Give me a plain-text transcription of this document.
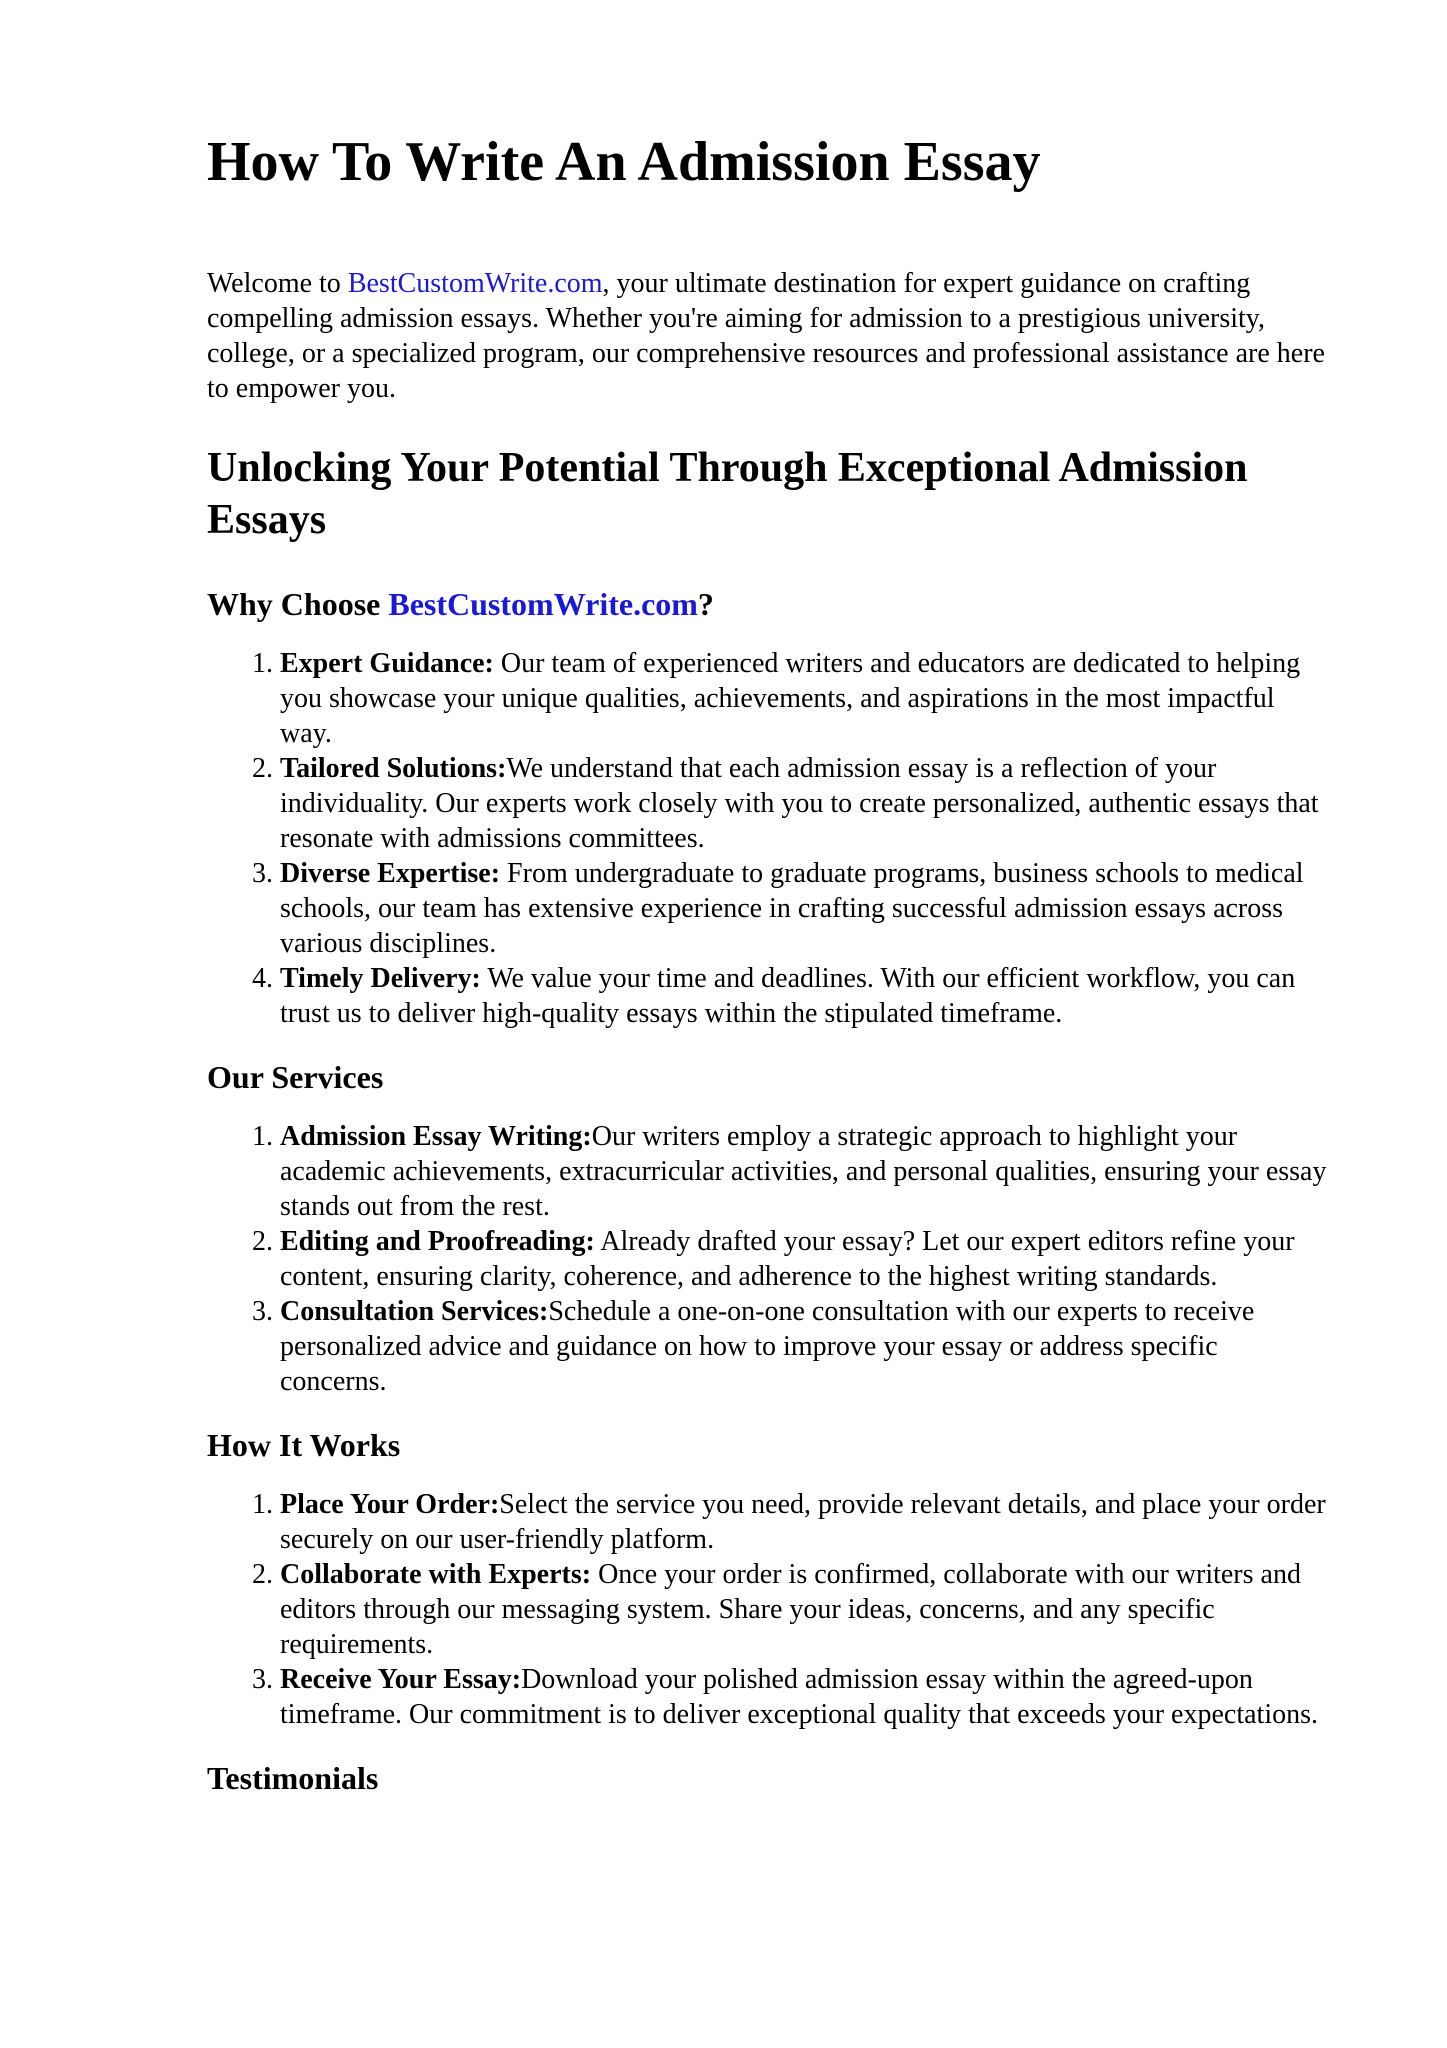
How To Write An Admission Essay

Welcome to BestCustomWrite.com, your ultimate destination for expert guidance on crafting compelling admission essays. Whether you're aiming for admission to a prestigious university, college, or a specialized program, our comprehensive resources and professional assistance are here to empower you.

Unlocking Your Potential Through Exceptional Admission Essays
Why Choose BestCustomWrite.com?
1. Expert Guidance: Our team of experienced writers and educators are dedicated to helping you showcase your unique qualities, achievements, and aspirations in the most impactful way.
2. Tailored Solutions:We understand that each admission essay is a reflection of your individuality. Our experts work closely with you to create personalized, authentic essays that resonate with admissions committees.
3. Diverse Expertise: From undergraduate to graduate programs, business schools to medical schools, our team has extensive experience in crafting successful admission essays across various disciplines.
4. Timely Delivery: We value your time and deadlines. With our efficient workflow, you can trust us to deliver high-quality essays within the stipulated timeframe.
Our Services
1. Admission Essay Writing:Our writers employ a strategic approach to highlight your academic achievements, extracurricular activities, and personal qualities, ensuring your essay stands out from the rest.
2. Editing and Proofreading: Already drafted your essay? Let our expert editors refine your content, ensuring clarity, coherence, and adherence to the highest writing standards.
3. Consultation Services:Schedule a one-on-one consultation with our experts to receive personalized advice and guidance on how to improve your essay or address specific concerns.
How It Works
1. Place Your Order:Select the service you need, provide relevant details, and place your order securely on our user-friendly platform.
2. Collaborate with Experts: Once your order is confirmed, collaborate with our writers and editors through our messaging system. Share your ideas, concerns, and any specific requirements.
3. Receive Your Essay:Download your polished admission essay within the agreed-upon timeframe. Our commitment is to deliver exceptional quality that exceeds your expectations.
Testimonials
